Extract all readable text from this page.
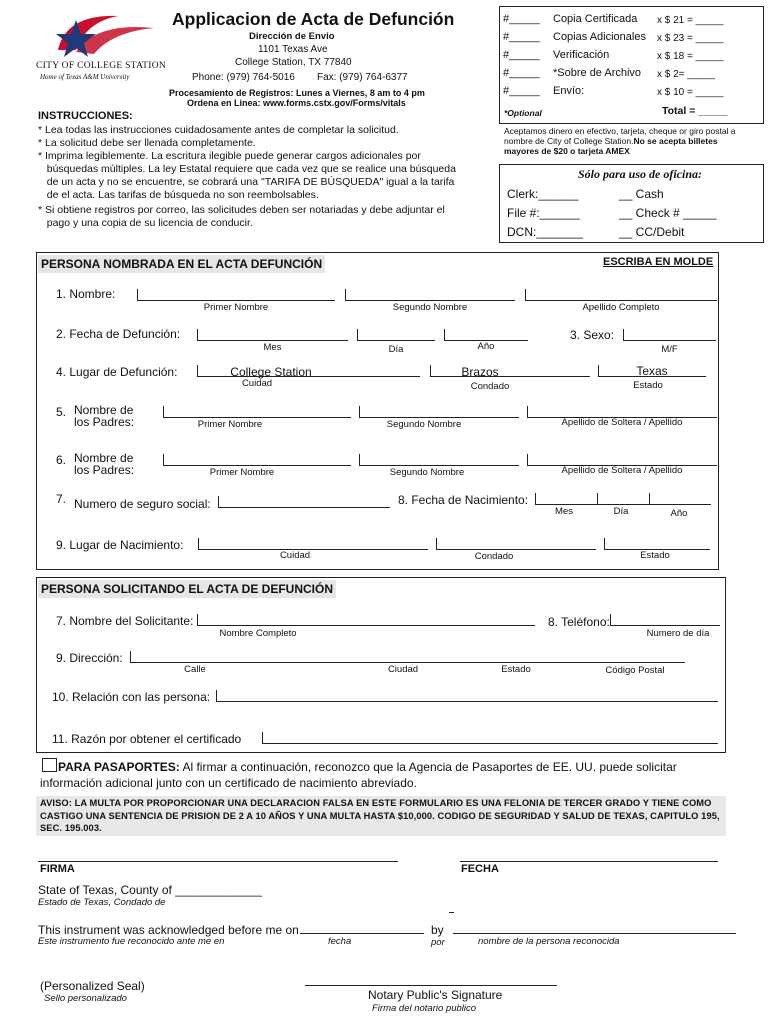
CITY OF COLLEGE STATION
Home of Texas A&M University
Applicacion de Acta de Defunción
Dirección de Envio
1101 Texas Ave
College Station, TX 77840
Phone: (979) 764-5016 Fax: (979) 764-6377
Procesamiento de Registros: Lunes a Viernes, 8 am to 4 pm
Ordena en Linea: www.forms.cstx.gov/Forms/vitals
#_____ Copia Certificada x $ 21 = _____
#_____ Copias Adicionales x $ 23 = _____
#_____ Verificación	x $ 18 = _____
#_____ *Sobre de Archivo x $ 2= _____
#_____ Envío:	x $ 10 = _____
*Optional	Total = _____
Aceptamos dinero en efectivo, tarjeta, cheque or giro postal a nombre de City of College Station.No se acepta billetes mayores de $20 o tarjeta AMEX
Sólo para uso de oficina:
Clerk:______
File #:______
DCN:_______
__ Cash
__ Check # _____
__ CC/Debit
INSTRUCCIONES:
* Lea todas las instrucciones cuidadosamente antes de completar la solicitud.
* La solicitud debe ser llenada completamente.
* Imprima legiblemente. La escritura ilegible puede generar cargos adicionales por
búsquedas múltiples. La ley Estatal requiere que cada vez que se realice una búsqueda
de un acta y no se encuentre, se cobrará una "TARIFA DE BÚSQUEDA" igual a la tarifa
de el acta. Las tarifas de búsqueda no son reembolsables.
* Si obtiene registros por correo, las solicitudes deben ser notariadas y debe adjuntar el
pago y una copia de su licencia de conducir.
PERSONA NOMBRADA EN EL ACTA DEFUNCIÓN	ESCRIBA EN MOLDE
1. Nombre:
Primer Nombre	Segundo Nombre	Apellido Completo
2. Fecha de Defunción:
Mes	Día	Año
3. Sexo:
M/F
4. Lugar de Defunción:	College Station	Brazos	Texas
Cuidad	Condado	Estado
5. Nombre de
los Padres:	Primer Nombre	Segundo Nombre	Apellido de Soltera / Apellido
6. Nombre de
los Padres:	Primer Nombre	Segundo Nombre	Apellido de Soltera / Apellido
7. Numero de seguro social:	8. Fecha de Nacimiento:
Mes	Día	Año
9. Lugar de Nacimiento:
Cuidad	Condado	Estado
PERSONA SOLICITANDO EL ACTA DE DEFUNCIÓN
7. Nombre del Solicitante:
Nombre Completo
8. Teléfono:
Numero de día
9. Dirección:
Calle	Ciudad	Estado	Código Postal
10. Relación con las persona:
11. Razón por obtener el certificado
PARA PASAPORTES: Al firmar a continuación, reconozco que la Agencia de Pasaportes de EE. UU. puede solicitar
información adicional junto con un certificado de nacimiento abreviado.
AVISO: LA MULTA POR PROPORCIONAR UNA DECLARACION FALSA EN ESTE FORMULARIO ES UNA FELONIA DE TERCER GRADO Y TIENE COMO CASTIGO UNA SENTENCIA DE PRISION DE 2 A 10 AÑOS Y UNA MULTA HASTA $10,000. CODIGO DE SEGURIDAD Y SALUD DE TEXAS, CAPITULO 195, SEC. 195.003.
FIRMA	FECHA
State of Texas, County of _____________
Estado de Texas, Condado de
This instrument was acknowledged before me on	by
Este instrumento fue reconocido ante me en	fecha	por	nombre de la persona reconocida
(Personalized Seal)
Sello personalizado	Notary Public's Signature
Firma del notario publico
